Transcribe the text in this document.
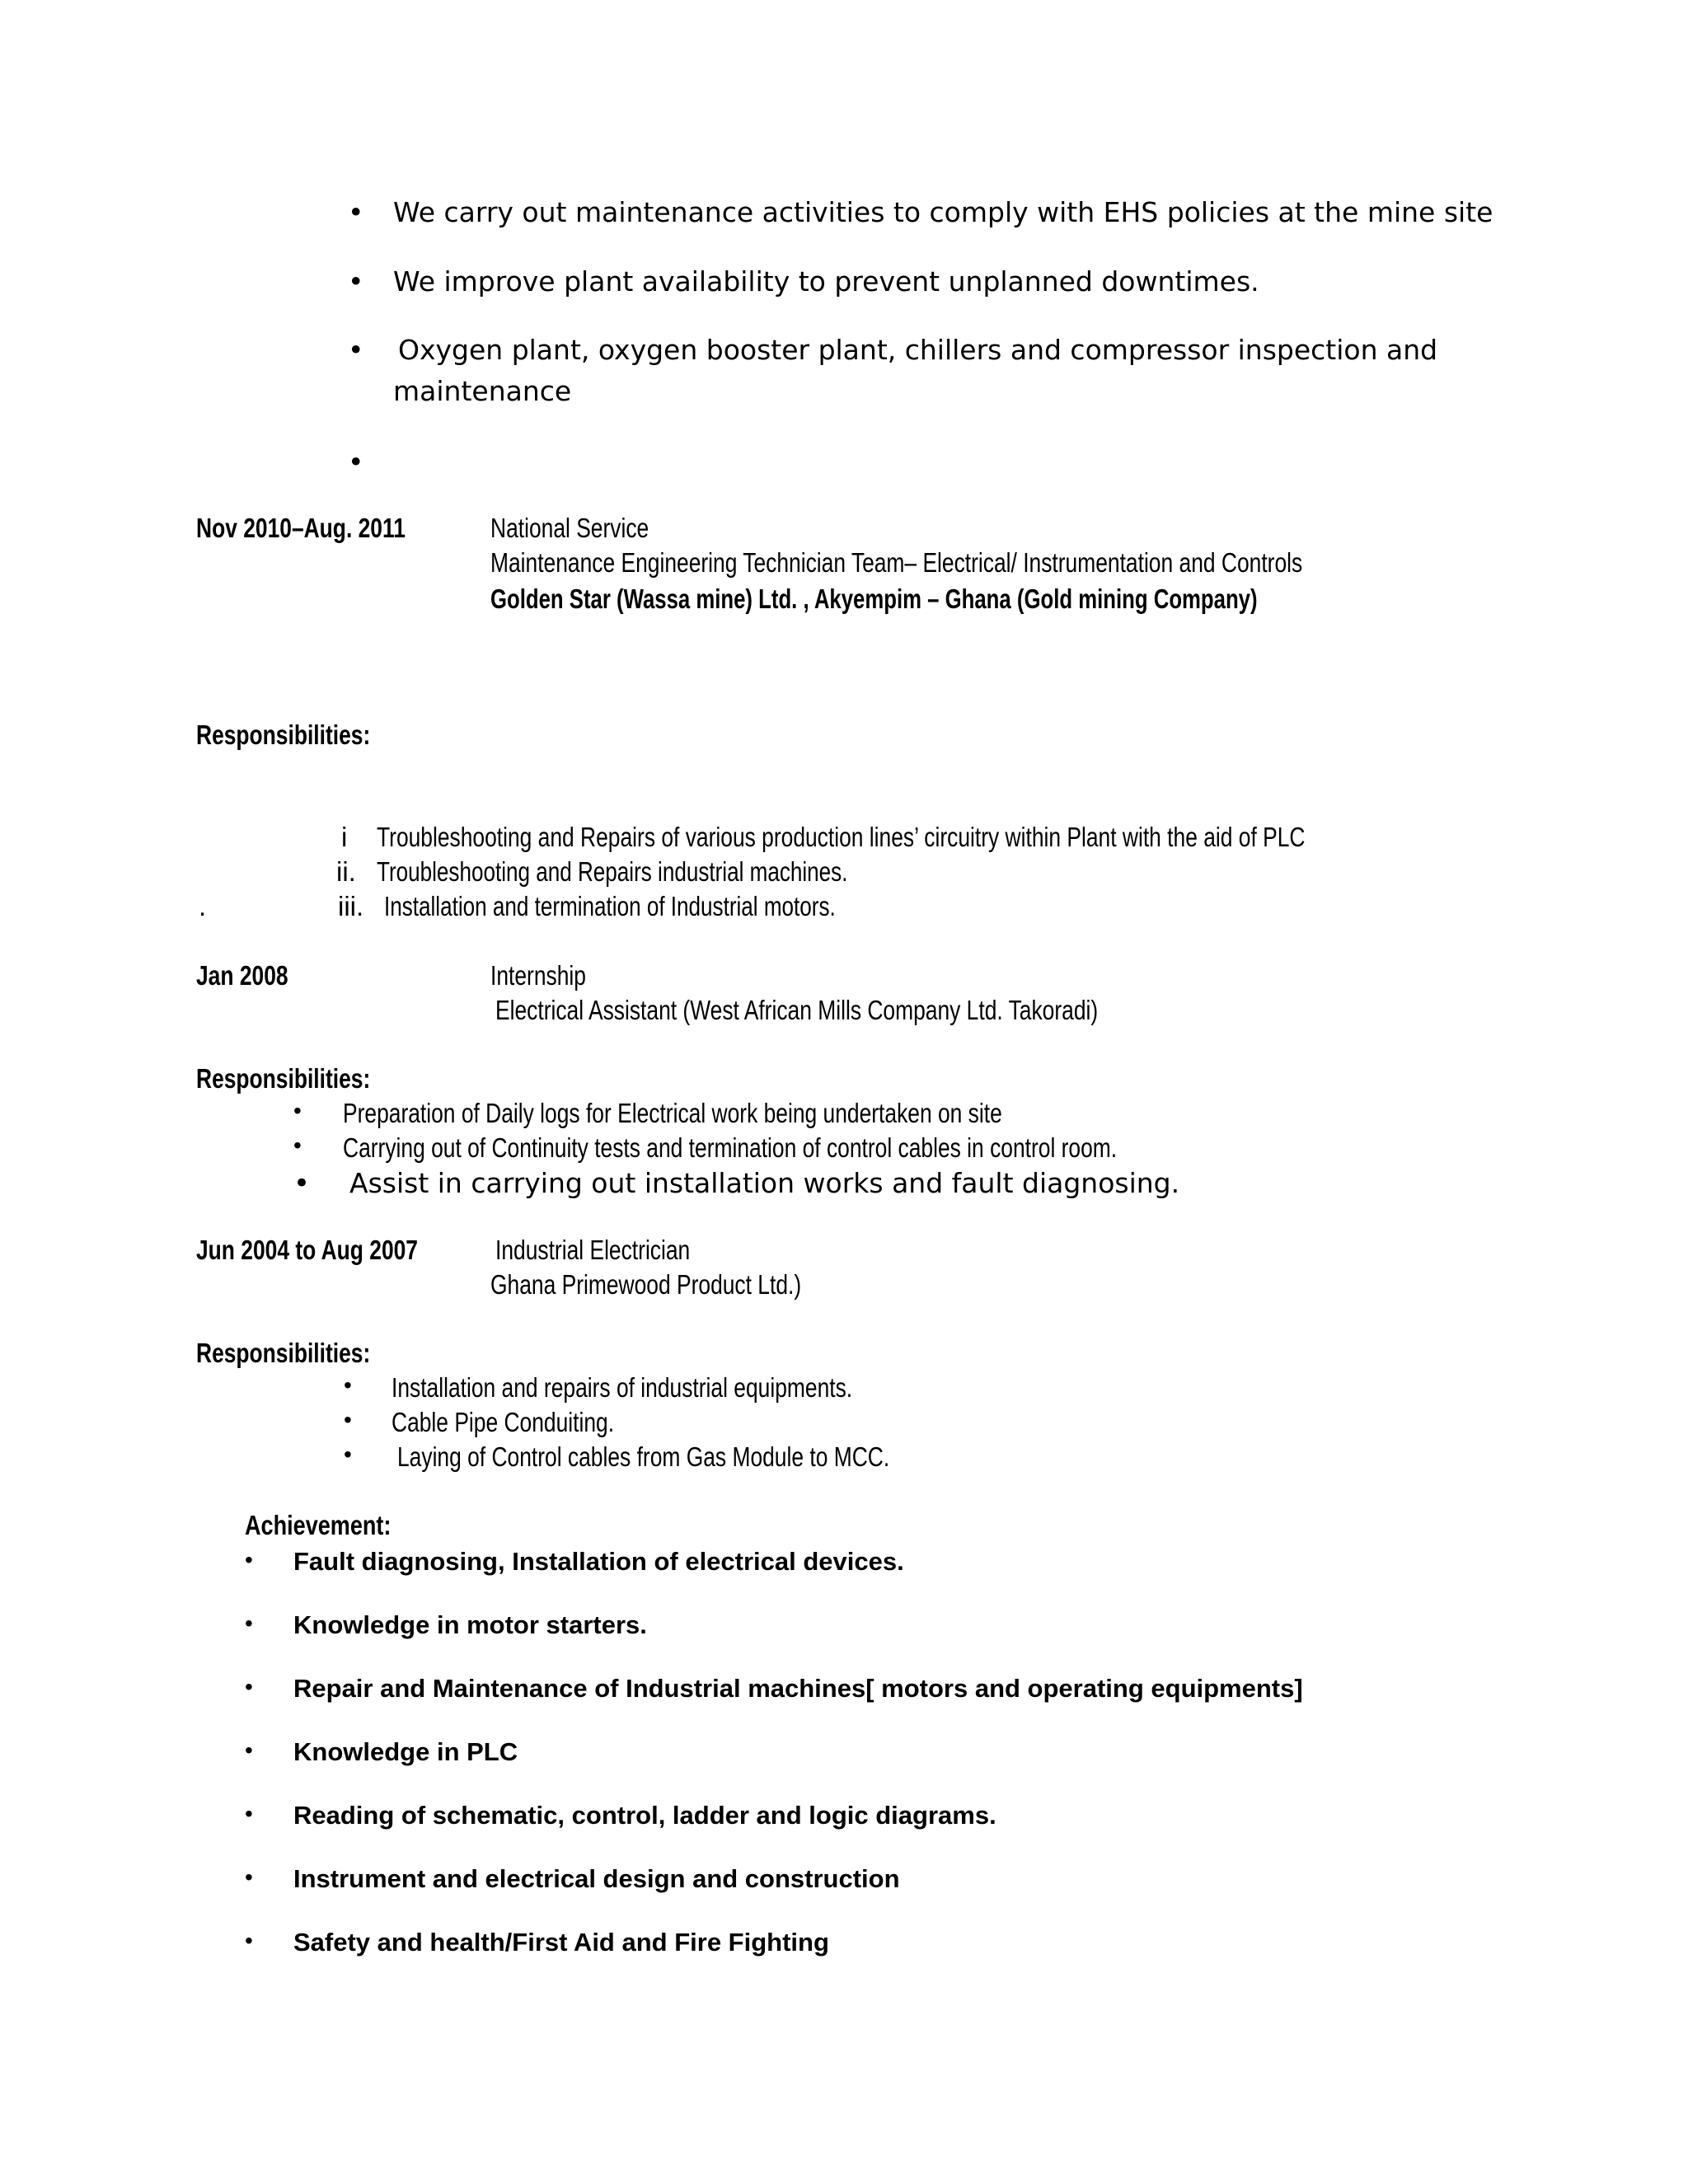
• We carry out maintenance activities to comply with EHS policies at the mine site
• We improve plant availability to prevent unplanned downtimes.
• Oxygen plant, oxygen booster plant, chillers and compressor inspection and
maintenance
•
Nov 2010–Aug. 2011	National Service
Maintenance Engineering Technician Team– Electrical/ Instrumentation and Controls
Golden Star (Wassa mine) Ltd. , Akyempim – Ghana (Gold mining Company)
Responsibilities:
i Troubleshooting and Repairs of various production lines’ circuitry within Plant with the aid of PLC
ii. Troubleshooting and Repairs industrial machines.
.	iii. Installation and termination of Industrial motors.
Jan 2008	Internship
Electrical Assistant (West African Mills Company Ltd. Takoradi)
Responsibilities:
• Preparation of Daily logs for Electrical work being undertaken on site
• Carrying out of Continuity tests and termination of control cables in control room.
• Assist in carrying out installation works and fault diagnosing.
Jun 2004 to Aug 2007	Industrial Electrician
Ghana Primewood Product Ltd.)
Responsibilities:
• Installation and repairs of industrial equipments.
• Cable Pipe Conduiting.
• Laying of Control cables from Gas Module to MCC.
Achievement:
• Fault diagnosing, Installation of electrical devices.
• Knowledge in motor starters.
• Repair and Maintenance of Industrial machines[ motors and operating equipments]
• Knowledge in PLC
• Reading of schematic, control, ladder and logic diagrams.
• Instrument and electrical design and construction
• Safety and health/First Aid and Fire Fighting
